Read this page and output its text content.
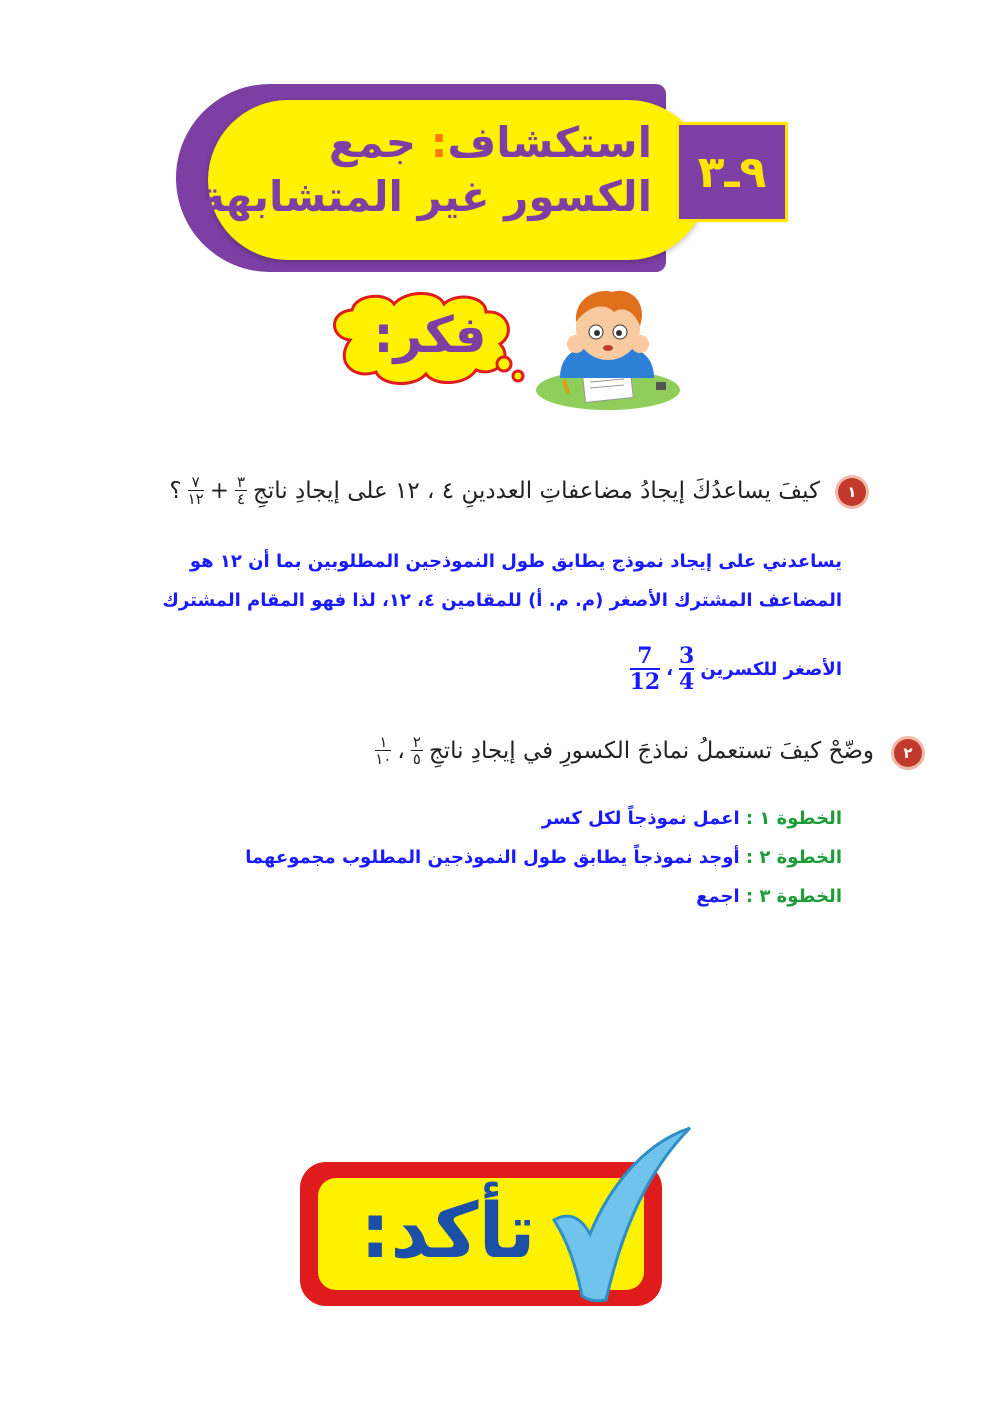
٩ـ٣
استكشاف: جمع
الكسور غير المتشابهة
فكر:
١
كيفَ يساعدُكَ إيجادُ مضاعفاتِ العددينِ ٤ ، ١٢ على إيجادِ ناتجِ
$\frac{٣}{٤}$
+
$\frac{٧}{١٢}$
؟
يساعدني على إيجاد نموذج يطابق طول النموذجين المطلوبين بما أن ١٢ هو
المضاعف المشترك الأصغر (م. م. أ) للمقامين ٤، ١٢، لذا فهو المقام المشترك
الأصغر للكسرين
$\frac{3}{4}$
،
$\frac{7}{12}$
٢
وضّحْ كيفَ تستعملُ نماذجَ الكسورِ في إيجادِ ناتجِ
$\frac{٢}{٥}$
،
$\frac{١}{١٠}$
الخطوة ١ : اعمل نموذجاً لكل كسر
الخطوة ٢ : أوجد نموذجاً يطابق طول النموذجين المطلوب مجموعهما
الخطوة ٣ : اجمع
تأكد:
